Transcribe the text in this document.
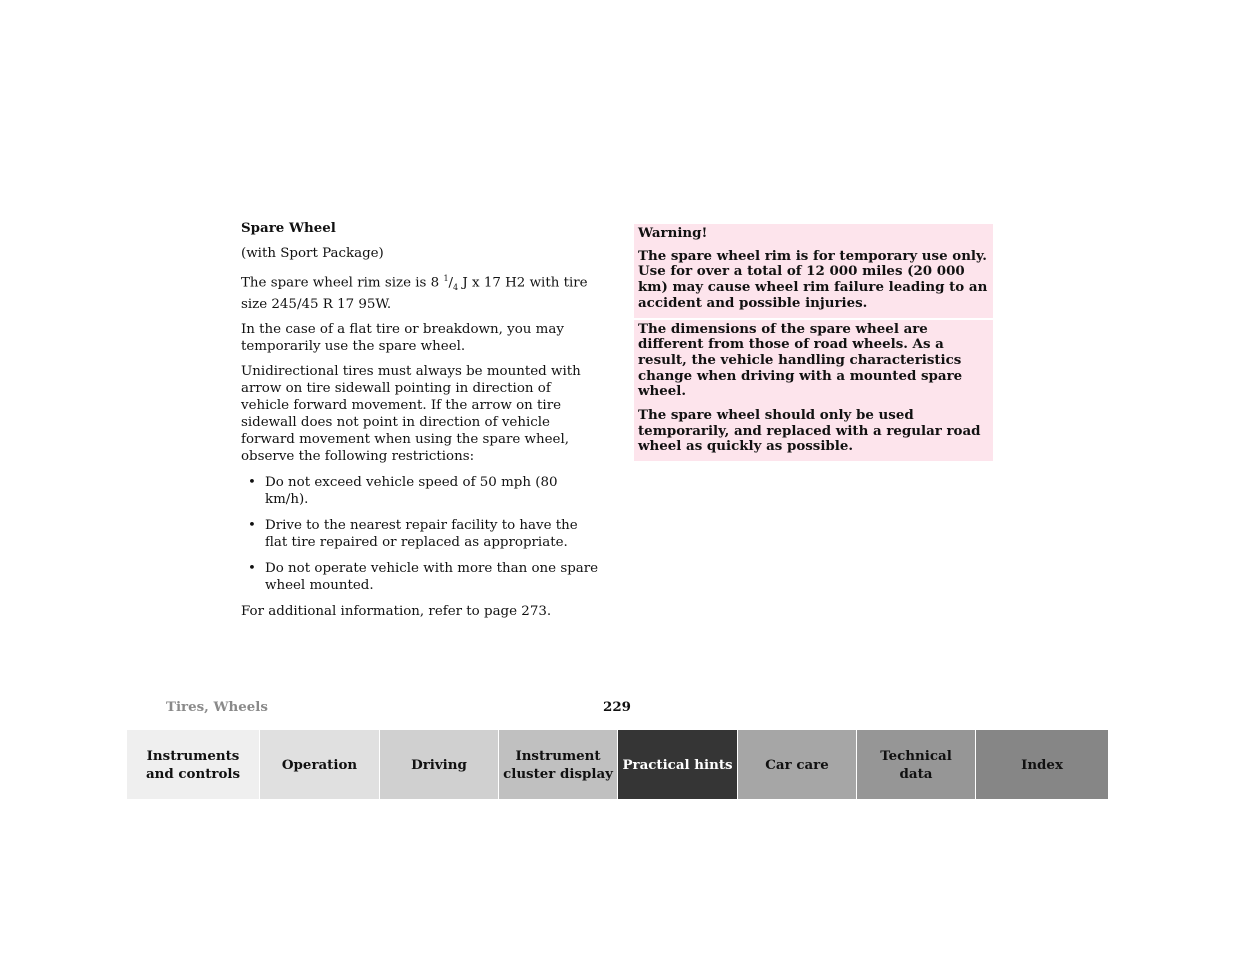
Spare Wheel

(with Sport Package)

The spare wheel rim size is 8 $^1/_4$ J x 17 H2 with tire size 245/45 R 17 95W.

In the case of a flat tire or breakdown, you may temporarily use the spare wheel.

Unidirectional tires must always be mounted with arrow on tire sidewall pointing in direction of vehicle forward movement. If the arrow on tire sidewall does not point in direction of vehicle forward movement when using the spare wheel, observe the following restrictions:

• Do not exceed vehicle speed of 50 mph (80 km/h).
• Drive to the nearest repair facility to have the flat tire repaired or replaced as appropriate.
• Do not operate vehicle with more than one spare wheel mounted.

For additional information, refer to page 273.

Warning!

The spare wheel rim is for temporary use only. Use for over a total of 12 000 miles (20 000 km) may cause wheel rim failure leading to an accident and possible injuries.

The dimensions of the spare wheel are different from those of road wheels. As a result, the vehicle handling characteristics change when driving with a mounted spare wheel.

The spare wheel should only be used temporarily, and replaced with a regular road wheel as quickly as possible.

Tires, Wheels	229
Instruments
and controls
Operation	Driving
Instrument
cluster display
Practical hints	Car care
Technical
data
Index
